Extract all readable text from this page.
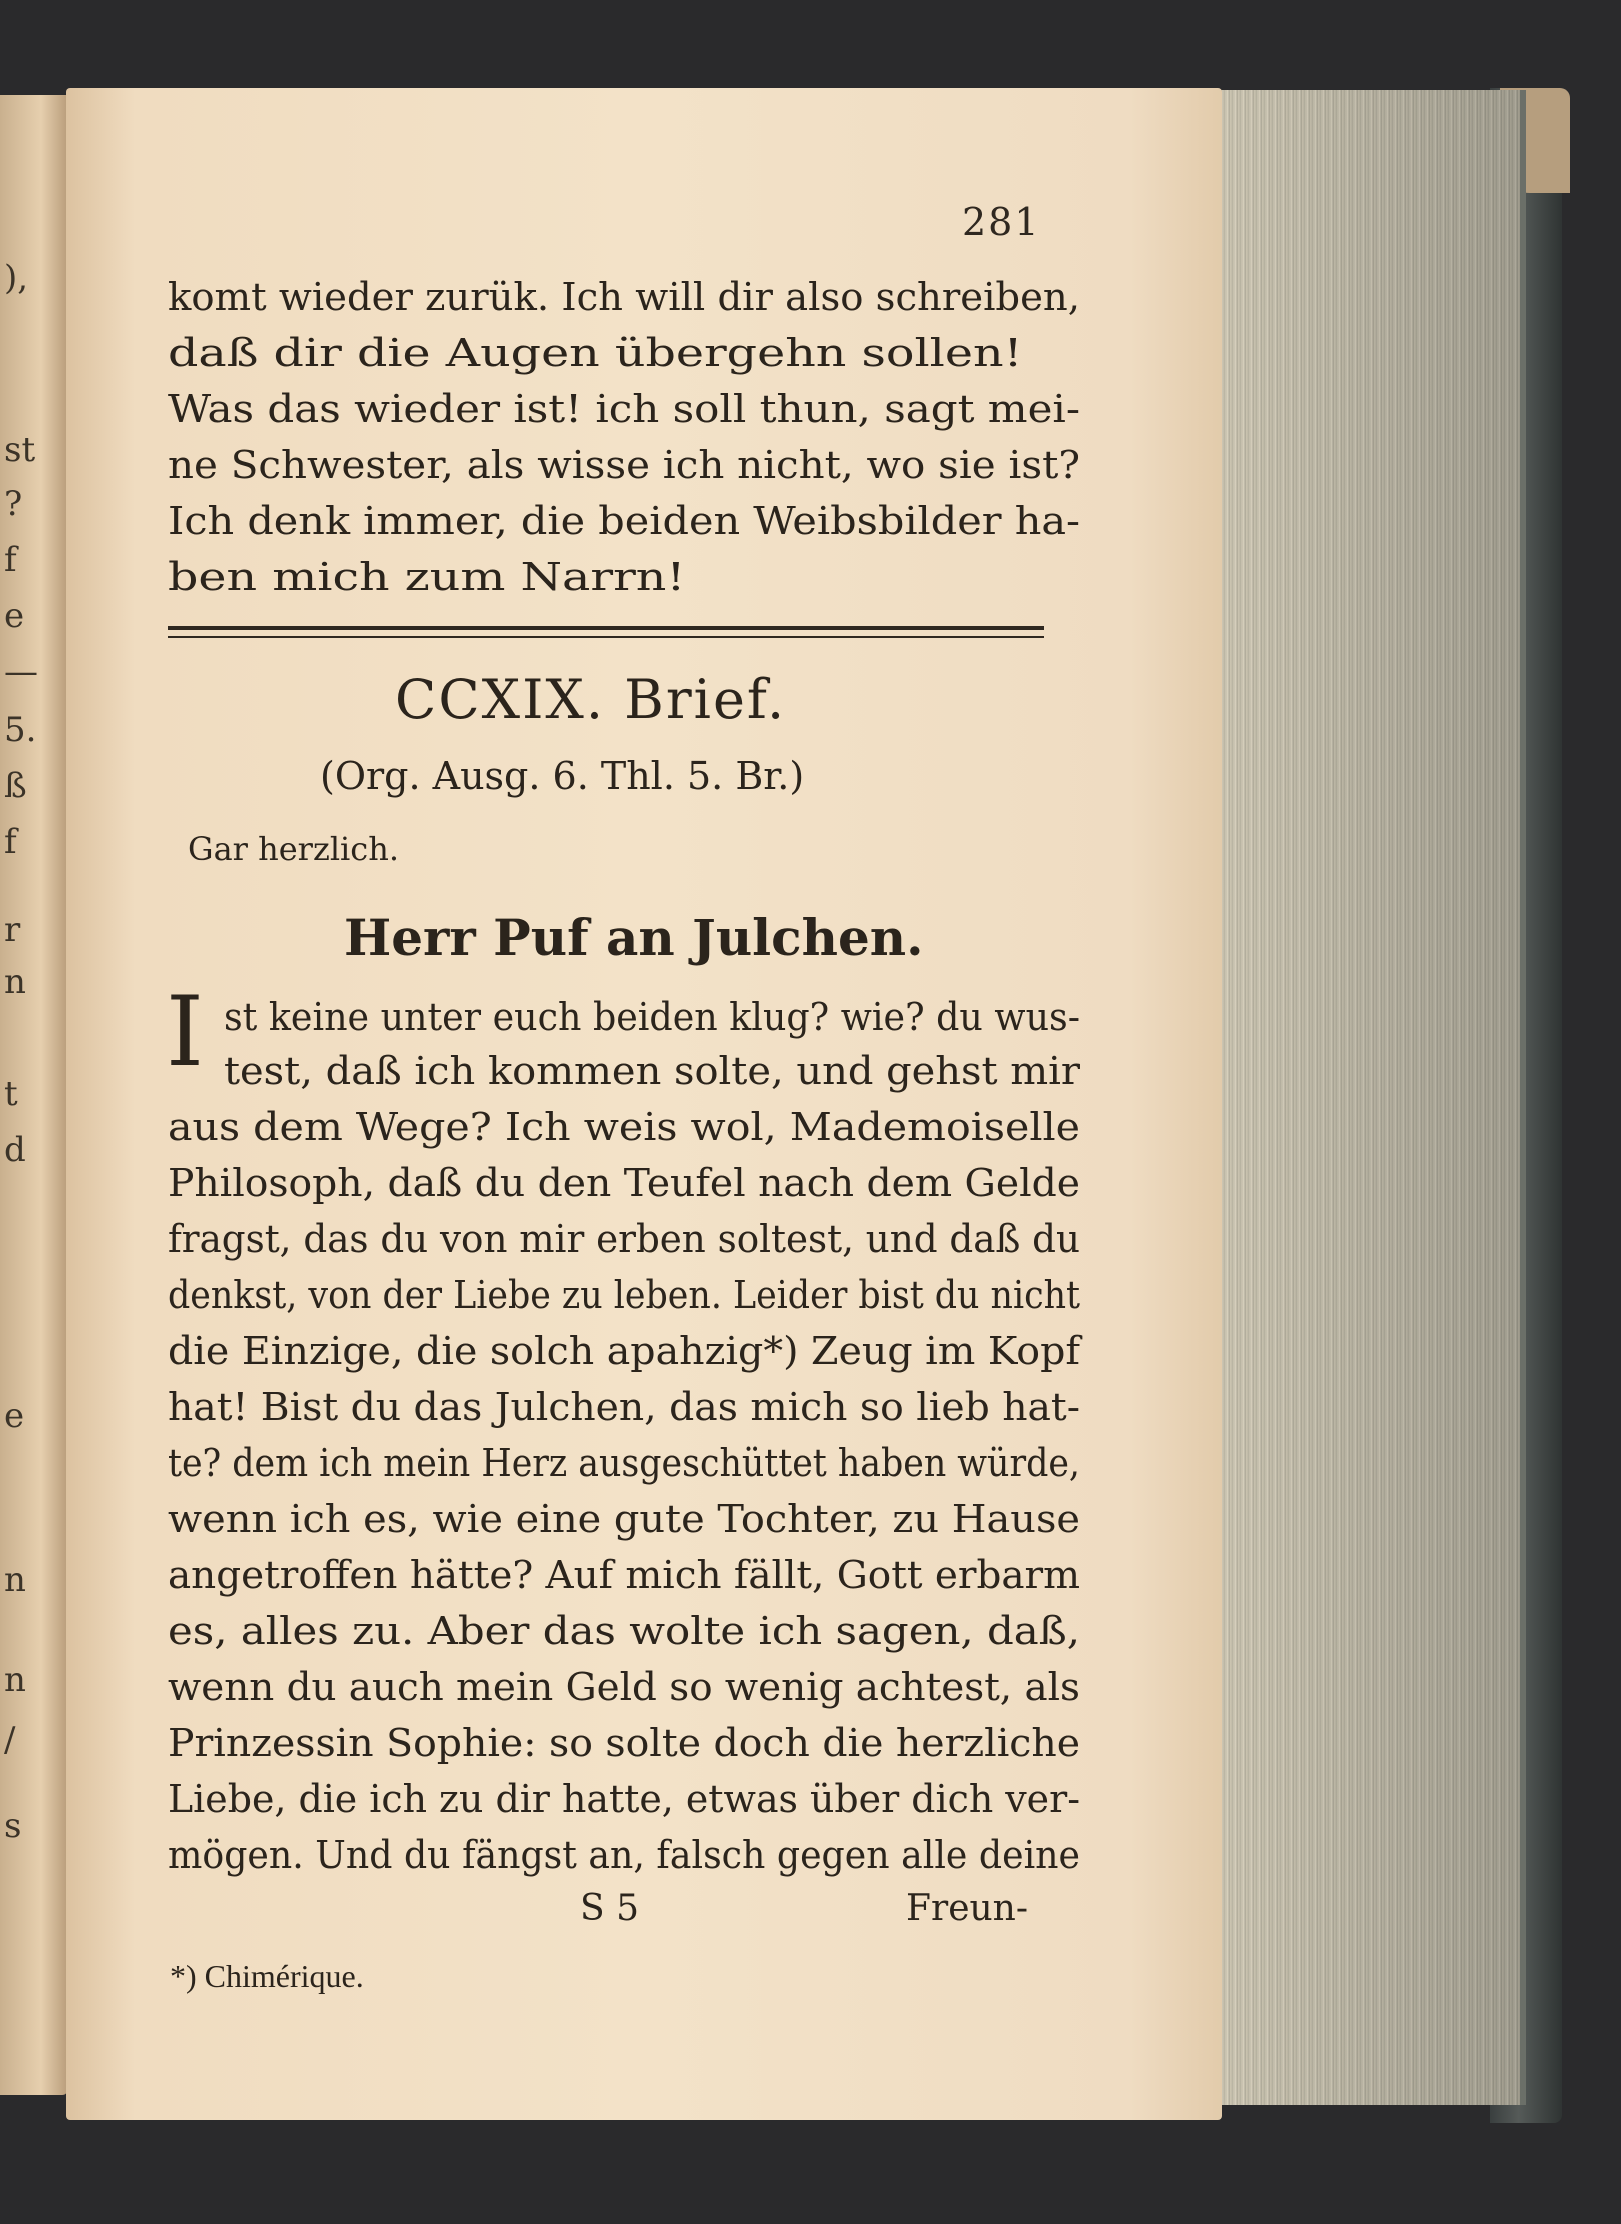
),
st
?
f
e
—
5.
ß
f
r
n
t
d
e
n
n
/
s
281
komt wieder zurük. Ich will dir also schreiben,
daß dir die Augen übergehn sollen!
Was das wieder ist! ich soll thun, sagt mei-
ne Schwester, als wisse ich nicht, wo sie ist?
Ich denk immer, die beiden Weibsbilder ha-
ben mich zum Narrn!
CCXIX. Brief.
(Org. Ausg. 6. Thl. 5. Br.)
Gar herzlich.
Herr Puf an Julchen.
I st keine unter euch beiden klug? wie? du wus-
test, daß ich kommen solte, und gehst mir
aus dem Wege? Ich weis wol, Mademoiselle
Philosoph, daß du den Teufel nach dem Gelde
fragst, das du von mir erben soltest, und daß du
denkst, von der Liebe zu leben. Leider bist du nicht
die Einzige, die solch apahzig*) Zeug im Kopf
hat! Bist du das Julchen, das mich so lieb hat-
te? dem ich mein Herz ausgeschüttet haben würde,
wenn ich es, wie eine gute Tochter, zu Hause
angetroffen hätte? Auf mich fällt, Gott erbarm
es, alles zu. Aber das wolte ich sagen, daß,
wenn du auch mein Geld so wenig achtest, als
Prinzessin Sophie: so solte doch die herzliche
Liebe, die ich zu dir hatte, etwas über dich ver-
mögen. Und du fängst an, falsch gegen alle deine
S 5	Freun-
*) Chimérique.
